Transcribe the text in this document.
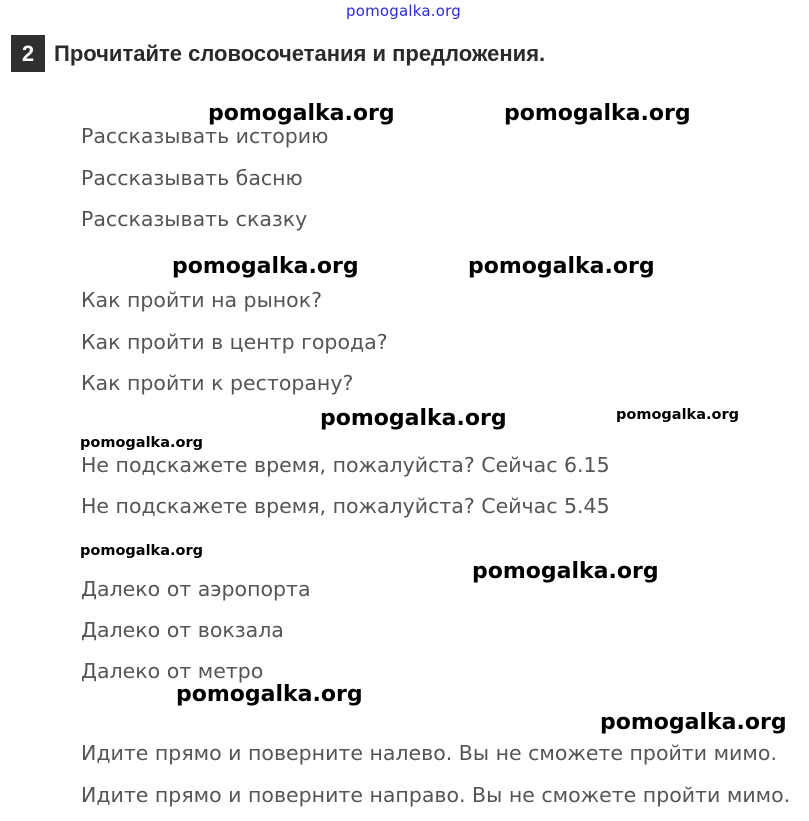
pomogalka.org
2 Прочитайте словосочетания и предложения.
pomogalka.org	pomogalka.org
pomogalka.org	pomogalka.org
pomogalka.org	pomogalka.org
pomogalka.org
pomogalka.org
pomogalka.org
pomogalka.org
pomogalka.org
Рассказывать историю
Рассказывать басню
Рассказывать сказку
Как пройти на рынок?
Как пройти в центр города?
Как пройти к ресторану?
Не подскажете время, пожалуйста? Сейчас 6.15
Не подскажете время, пожалуйста? Сейчас 5.45
Далеко от аэропорта
Далеко от вокзала
Далеко от метро
Идите прямо и поверните налево. Вы не сможете пройти мимо.
Идите прямо и поверните направо. Вы не сможете пройти мимо.
